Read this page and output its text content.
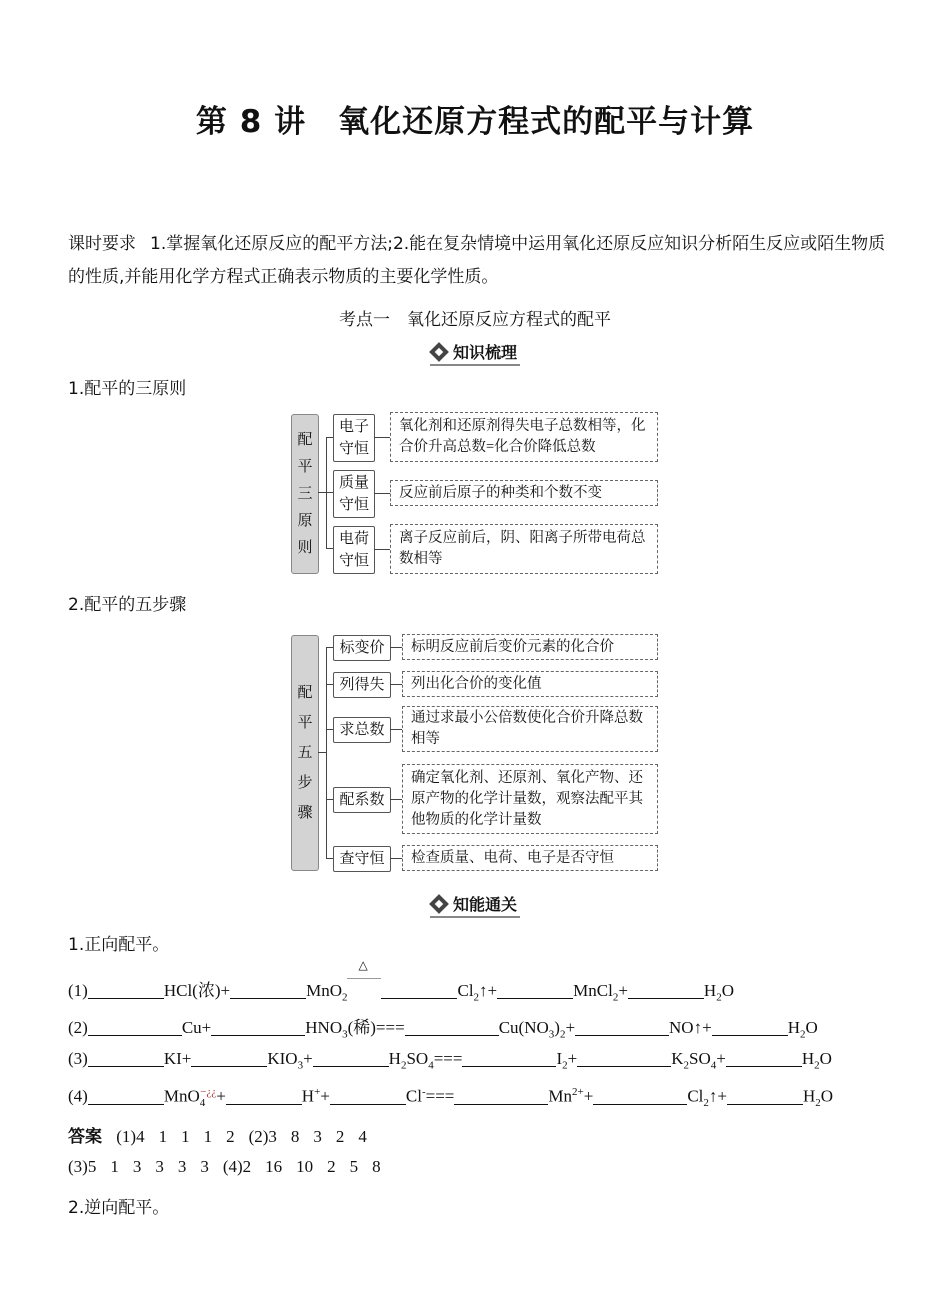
第 8 讲　氧化还原方程式的配平与计算
课时要求 1.掌握氧化还原反应的配平方法;2.能在复杂情境中运用氧化还原反应知识分析陌生反应或陌生物质的性质,并能用化学方程式正确表示物质的主要化学性质。
考点一　氧化还原反应方程式的配平
知识梳理
1.配平的三原则
配
平
三
原
则
电子守恒
质量守恒
电荷守恒
氧化剂和还原剂得失电子总数相等，化合价升高总数=化合价降低总数
反应前后原子的种类和个数不变
离子反应前后，阴、阳离子所带电荷总数相等
2.配平的五步骤
配
平
五
步
骤
标变价
列得失
求总数
配系数
查守恒
标明反应前后变价元素的化合价
列出化合价的变化值
通过求最小公倍数使化合价升降总数相等
确定氧化剂、还原剂、氧化产物、还原产物的化学计量数，观察法配平其他物质的化学计量数
检查质量、电荷、电子是否守恒
知能通关
1.正向配平。
(1)	HCl(浓)+	MnO$_2$
△
$Cl_2↑+$	MnCl$_2$+	$H_2O$
(2)	Cu+	$HNO_3$(稀)===	$Cu(NO_3)_2+$	NO↑+	$H_2O$
(3)	KI+	$KIO_3+$	$H_2SO_4===$	$I_2+$	$K_2SO_4+$	$H_2O$
(4)	MnO$_4$−¿¿+	H++	Cl-===	$Mn^{2+}+$	$Cl_2↑+$	$H_2O$
答案 (1)4 1 1 1 2 (2)3 8 3 2 4
(3)5 1 3 3 3 3 (4)2 16 10 2 5 8
2.逆向配平。
